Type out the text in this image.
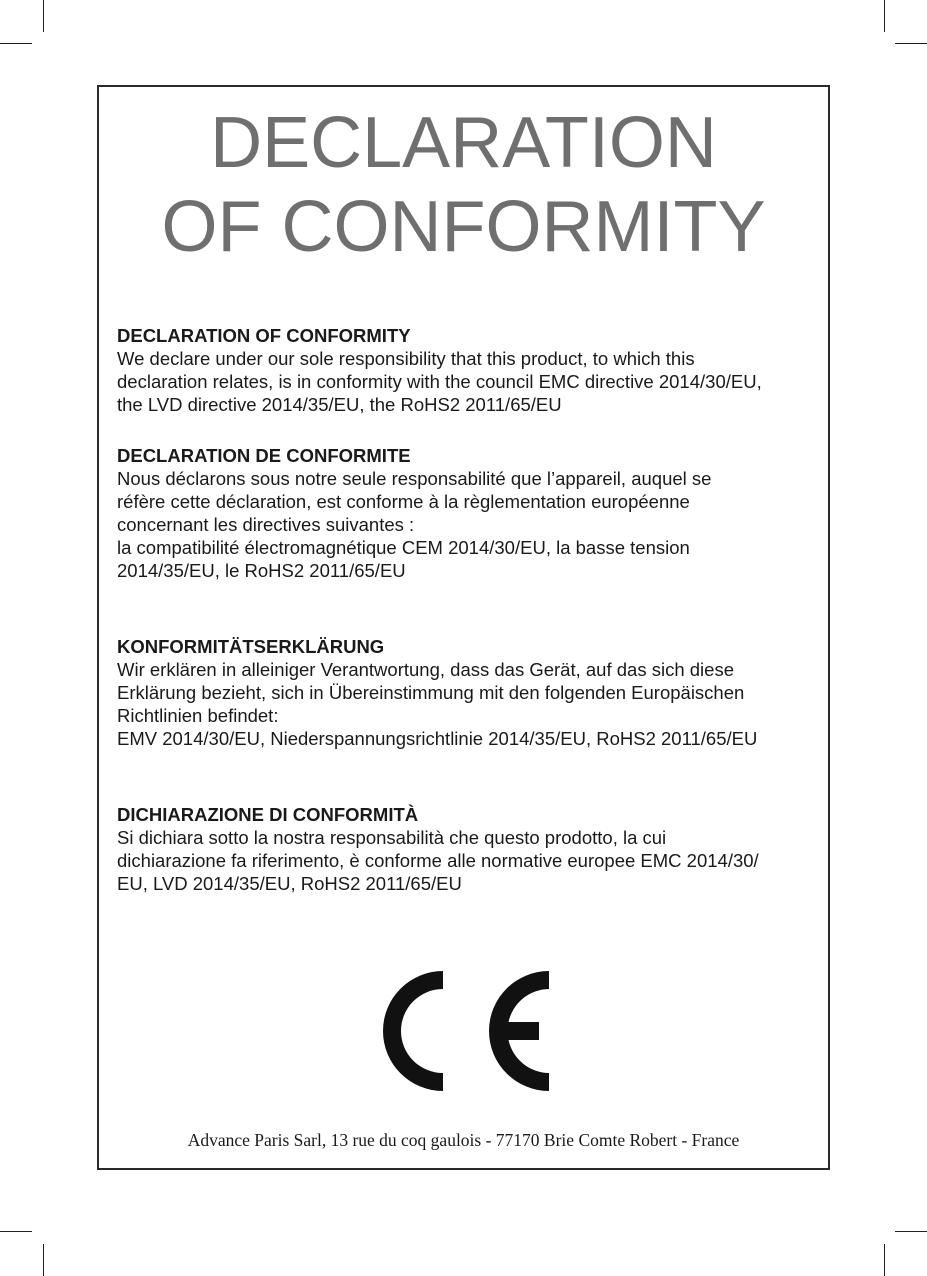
DECLARATION
OF CONFORMITY
DECLARATION OF CONFORMITY

We declare under our sole responsibility that this product, to which this

declaration relates, is in conformity with the council EMC directive 2014/30/EU,

the LVD directive 2014/35/EU, the RoHS2 2011/65/EU

DECLARATION DE CONFORMITE

Nous déclarons sous notre seule responsabilité que l’appareil, auquel se

réfère cette déclaration, est conforme à la règlementation européenne

concernant les directives suivantes :

la compatibilité électromagnétique CEM 2014/30/EU, la basse tension

2014/35/EU, le RoHS2 2011/65/EU

KONFORMITÄTSERKLÄRUNG

Wir erklären in alleiniger Verantwortung, dass das Gerät, auf das sich diese

Erklärung bezieht, sich in Übereinstimmung mit den folgenden Europäischen

Richtlinien befindet:

EMV 2014/30/EU, Niederspannungsrichtlinie 2014/35/EU, RoHS2 2011/65/EU

DICHIARAZIONE DI CONFORMITÀ

Si dichiara sotto la nostra responsabilità che questo prodotto, la cui

dichiarazione fa riferimento, è conforme alle normative europee EMC 2014/30/

EU, LVD 2014/35/EU, RoHS2 2011/65/EU

Advance Paris Sarl, 13 rue du coq gaulois - 77170 Brie Comte Robert - France
